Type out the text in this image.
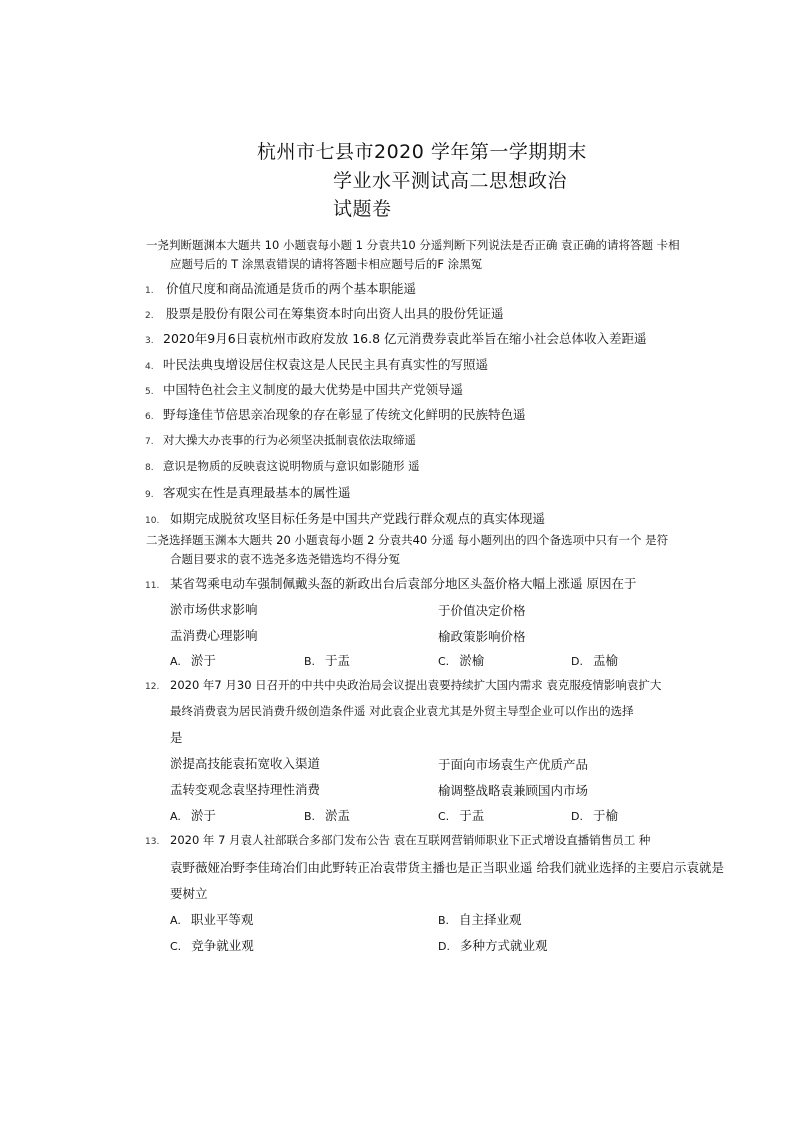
杭州市七县市2020 学年第一学期期末
学业水平测试高二思想政治
试题卷
一尧判断题渊本大题共 10 小题袁每小题 1 分袁共10 分遥判断下列说法是否正确 袁正确的请将答题 卡相
应题号后的 T 涂黑袁错误的请将答题卡相应题号后的F 涂黑冤
1. 价值尺度和商品流通是货币的两个基本职能遥
2. 股票是股份有限公司在筹集资本时向出资人出具的股份凭证遥
3. 2020年9月6日袁杭州市政府发放 16.8 亿元消费券袁此举旨在缩小社会总体收入差距遥
4. 叶民法典曳增设居住权袁这是人民民主具有真实性的写照遥
5. 中国特色社会主义制度的最大优势是中国共产党领导遥
6. 野每逢佳节倍思亲冶现象的存在彰显了传统文化鲜明的民族特色遥
7. 对大操大办丧事的行为必须坚决抵制袁依法取缔遥
8. 意识是物质的反映袁这说明物质与意识如影随形 遥
9. 客观实在性是真理最基本的属性遥
10. 如期完成脱贫攻坚目标任务是中国共产党践行群众观点的真实体现遥
二尧选择题玉渊本大题共 20 小题袁每小题 2 分袁共40 分遥 每小题列出的四个备选项中只有一个 是符
合题目要求的袁不选尧多选尧错选均不得分冤
11. 某省驾乘电动车强制佩戴头盔的新政出台后袁部分地区头盔价格大幅上涨遥 原因在于
淤市场供求影响	于价值决定价格
盂消费心理影响	榆政策影响价格
A. 淤于	B. 于盂	C. 淤榆	D. 盂榆
12. 2020 年7 月30 日召开的中共中央政治局会议提出袁要持续扩大国内需求 袁克服疫情影响袁扩大
最终消费袁为居民消费升级创造条件遥 对此袁企业袁尤其是外贸主导型企业可以作出的选择
是
淤提高技能袁拓宽收入渠道	于面向市场袁生产优质产品
盂转变观念袁坚持理性消费	榆调整战略袁兼顾国内市场
A. 淤于	B. 淤盂	C. 于盂	D. 于榆
13. 2020 年 7 月袁人社部联合多部门发布公告 袁在互联网营销师职业下正式增设直播销售员工 种
袁野薇娅冶野李佳琦冶们由此野转正冶袁带货主播也是正当职业遥 给我们就业选择的主要启示袁就是
要树立
A. 职业平等观	B. 自主择业观
C. 竞争就业观	D. 多种方式就业观
